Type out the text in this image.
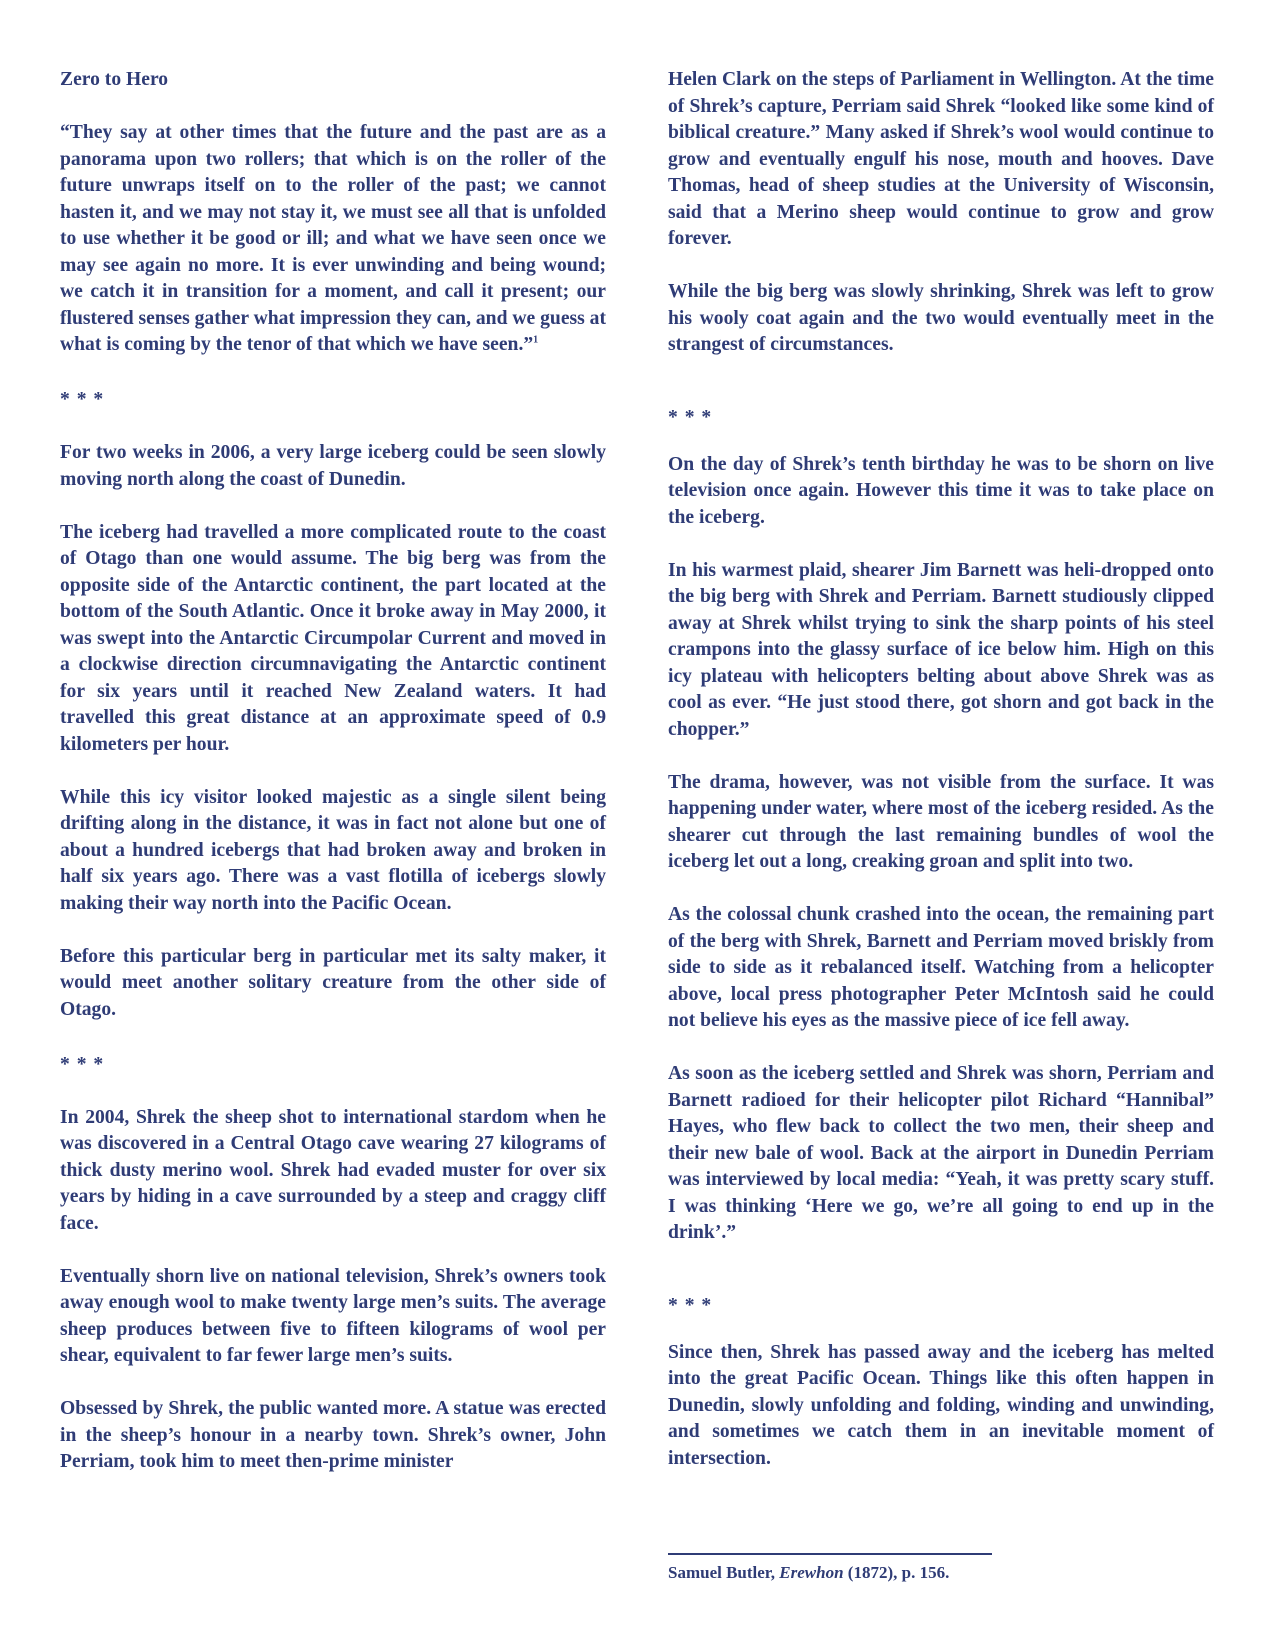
Zero to Hero

“They say at other times that the future and the past are as a panorama upon two rollers; that which is on the roller of the future unwraps itself on to the roller of the past; we cannot hasten it, and we may not stay it, we must see all that is unfolded to use whether it be good or ill; and what we have seen once we may see again no more. It is ever unwinding and being wound; we catch it in transition for a moment, and call it present; our flustered senses gather what impression they can, and we guess at what is coming by the tenor of that which we have seen.”$^1$

* * *

For two weeks in 2006, a very large iceberg could be seen slowly moving north along the coast of Dunedin.

The iceberg had travelled a more complicated route to the coast of Otago than one would assume. The big berg was from the opposite side of the Antarctic continent, the part located at the bottom of the South Atlantic. Once it broke away in May 2000, it was swept into the Antarctic Circumpolar Current and moved in a clockwise direction circumnavigating the Antarctic continent for six years until it reached New Zealand waters. It had travelled this great distance at an approximate speed of 0.9 kilometers per hour.

While this icy visitor looked majestic as a single silent being drifting along in the distance, it was in fact not alone but one of about a hundred icebergs that had broken away and broken in half six years ago. There was a vast flotilla of icebergs slowly making their way north into the Pacific Ocean.

Before this particular berg in particular met its salty maker, it would meet another solitary creature from the other side of Otago.

* * *

In 2004, Shrek the sheep shot to international stardom when he was discovered in a Central Otago cave wearing 27 kilograms of thick dusty merino wool. Shrek had evaded muster for over six years by hiding in a cave surrounded by a steep and craggy cliff face.

Eventually shorn live on national television, Shrek’s owners took away enough wool to make twenty large men’s suits. The average sheep produces between five to fifteen kilograms of wool per shear, equivalent to far fewer large men’s suits.

Obsessed by Shrek, the public wanted more. A statue was erected in the sheep’s honour in a nearby town. Shrek’s owner, John Perriam, took him to meet then-prime minister

Helen Clark on the steps of Parliament in Wellington. At the time of Shrek’s capture, Perriam said Shrek “looked like some kind of biblical creature.” Many asked if Shrek’s wool would continue to grow and eventually engulf his nose, mouth and hooves. Dave Thomas, head of sheep studies at the University of Wisconsin, said that a Merino sheep would continue to grow and grow forever.

While the big berg was slowly shrinking, Shrek was left to grow his wooly coat again and the two would eventually meet in the strangest of circumstances.

* * *

On the day of Shrek’s tenth birthday he was to be shorn on live television once again. However this time it was to take place on the iceberg.

In his warmest plaid, shearer Jim Barnett was heli-dropped onto the big berg with Shrek and Perriam. Barnett studiously clipped away at Shrek whilst trying to sink the sharp points of his steel crampons into the glassy surface of ice below him. High on this icy plateau with helicopters belting about above Shrek was as cool as ever. “He just stood there, got shorn and got back in the chopper.”

The drama, however, was not visible from the surface. It was happening under water, where most of the iceberg resided. As the shearer cut through the last remaining bundles of wool the iceberg let out a long, creaking groan and split into two.

As the colossal chunk crashed into the ocean, the remaining part of the berg with Shrek, Barnett and Perriam moved briskly from side to side as it rebalanced itself. Watching from a helicopter above, local press photographer Peter McIntosh said he could not believe his eyes as the massive piece of ice fell away.

As soon as the iceberg settled and Shrek was shorn, Perriam and Barnett radioed for their helicopter pilot Richard “Hannibal” Hayes, who flew back to collect the two men, their sheep and their new bale of wool. Back at the airport in Dunedin Perriam was interviewed by local media: “Yeah, it was pretty scary stuff. I was thinking ‘Here we go, we’re all going to end up in the drink’.”

* * *

Since then, Shrek has passed away and the iceberg has melted into the great Pacific Ocean. Things like this often happen in Dunedin, slowly unfolding and folding, winding and unwinding, and sometimes we catch them in an inevitable moment of intersection.

Samuel Butler, Erewhon (1872), p. 156.
